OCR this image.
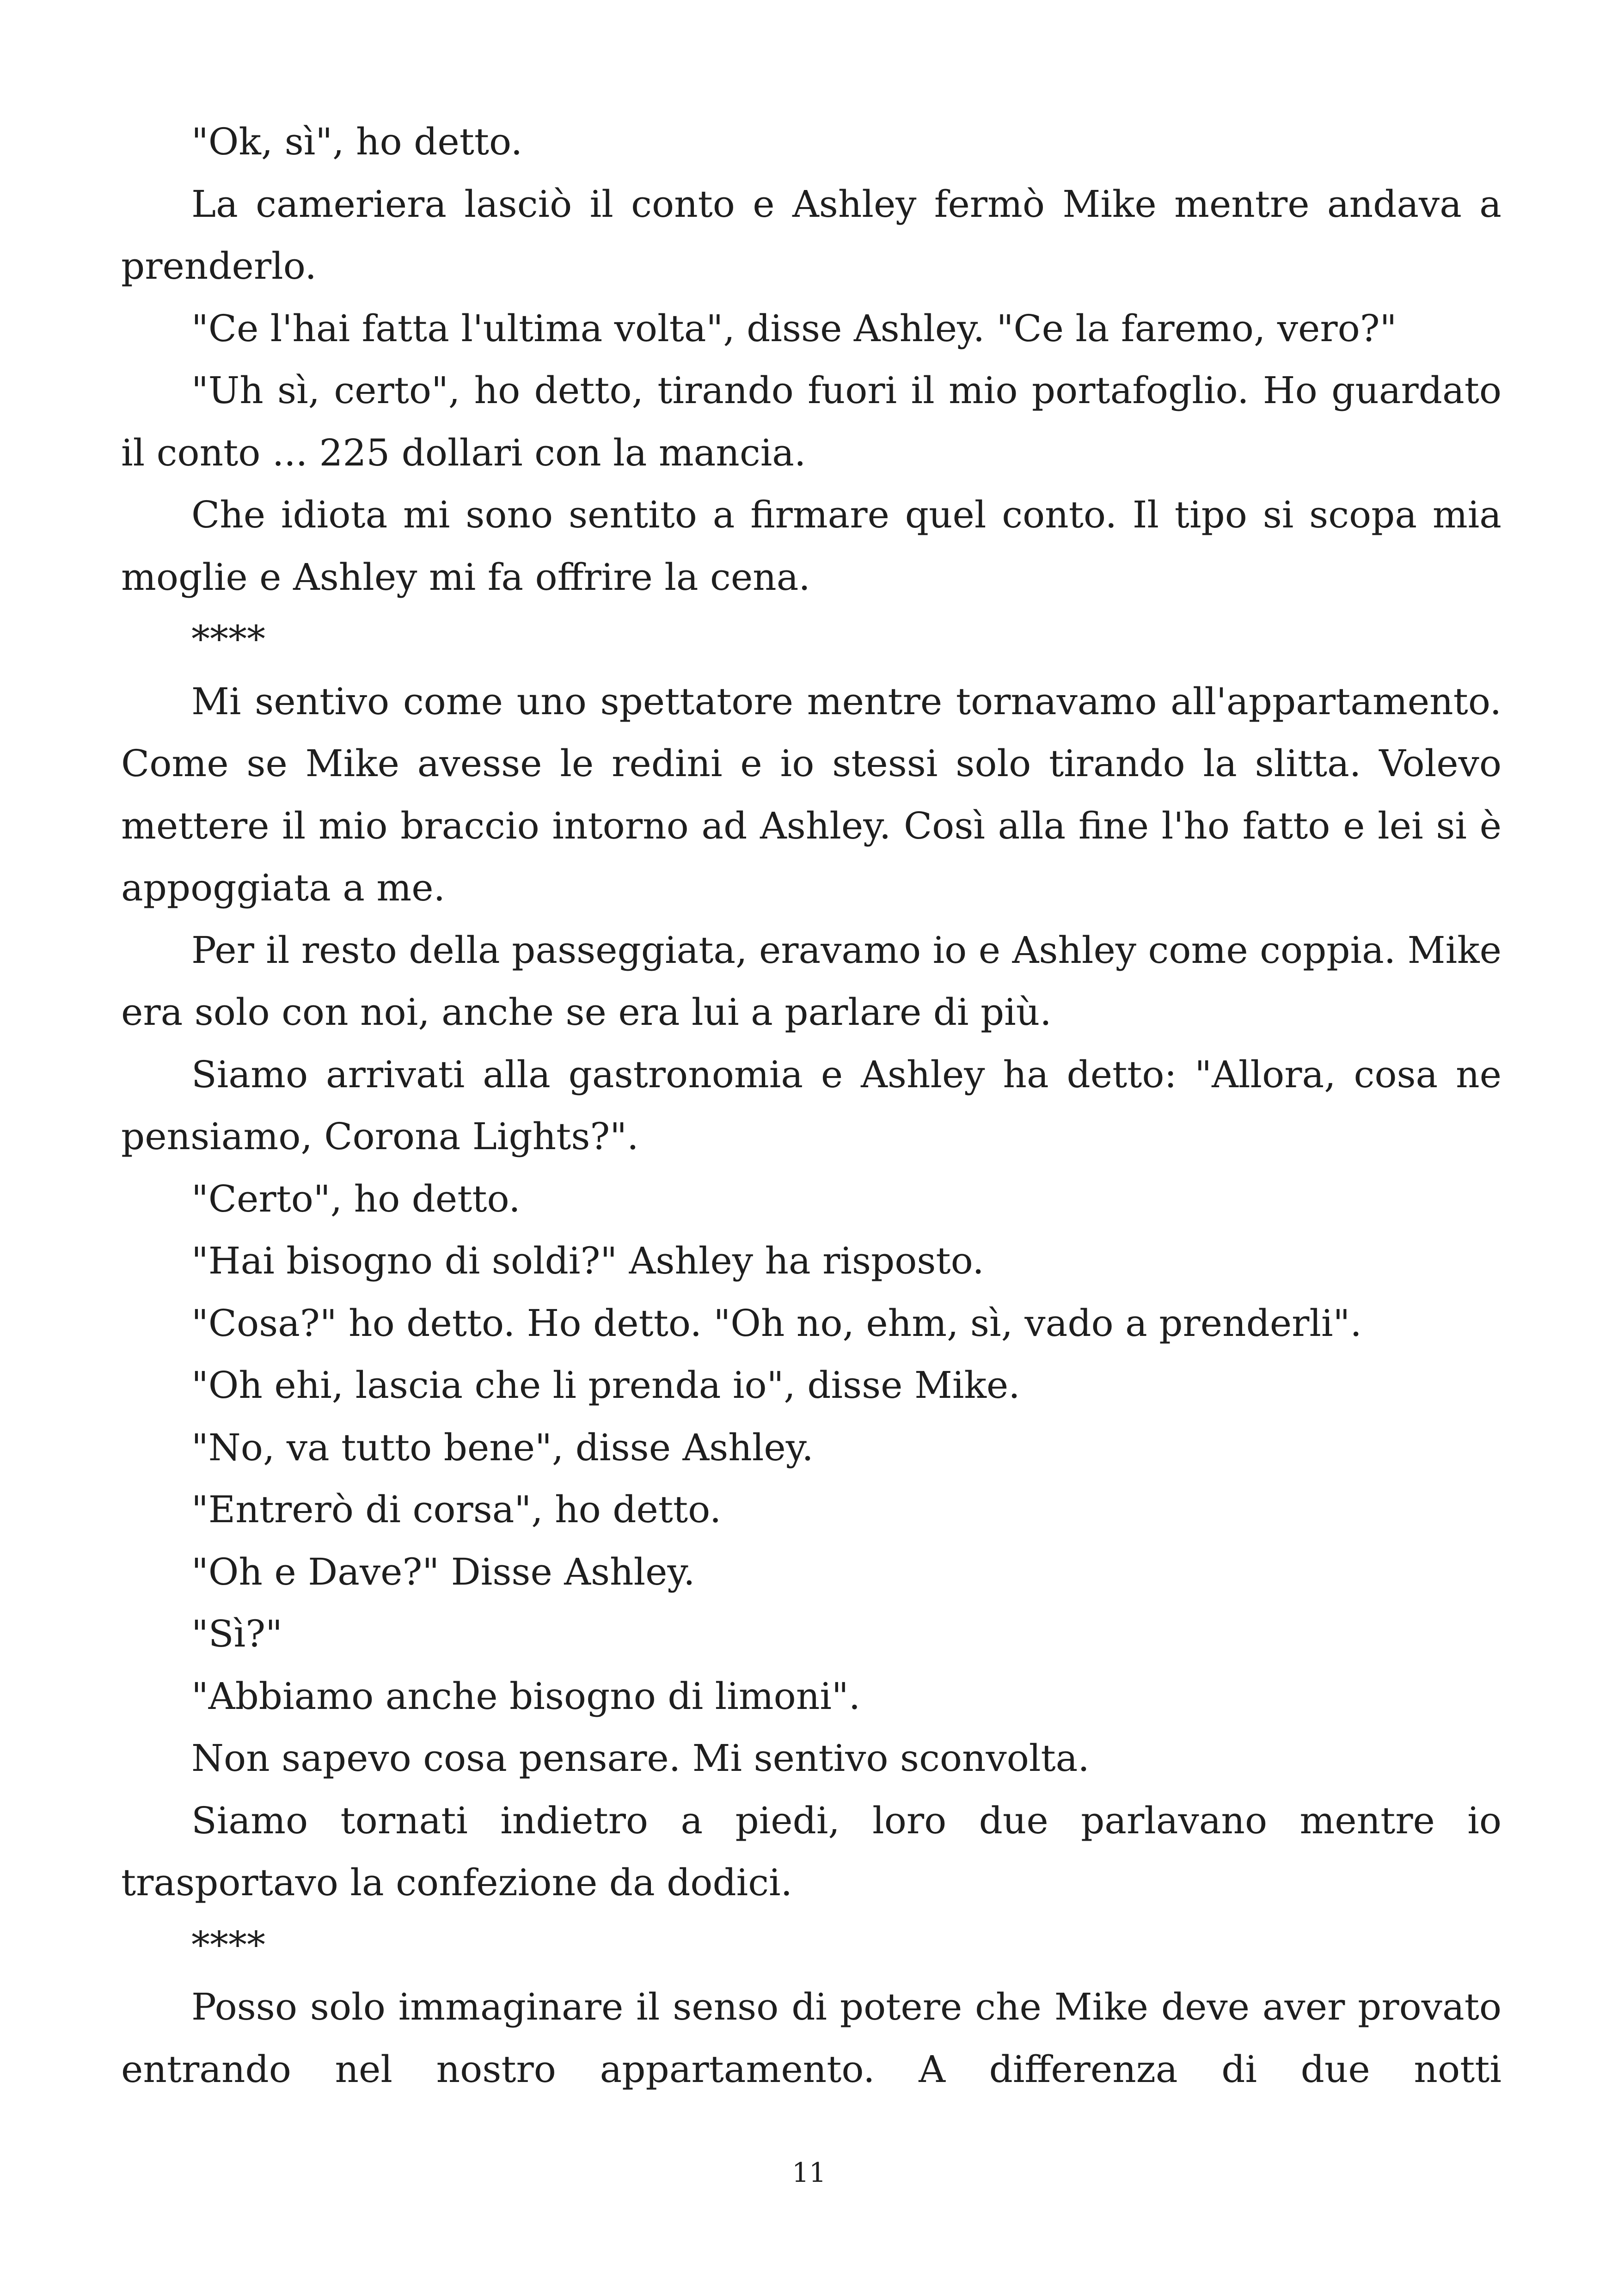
"Ok, sì", ho detto.

La cameriera lasciò il conto e Ashley fermò Mike mentre andava a prenderlo.

"Ce l'hai fatta l'ultima volta", disse Ashley. "Ce la faremo, vero?"

"Uh sì, certo", ho detto, tirando fuori il mio portafoglio. Ho guardato il conto ... 225 dollari con la mancia.

Che idiota mi sono sentito a firmare quel conto. Il tipo si scopa mia moglie e Ashley mi fa offrire la cena.

****

Mi sentivo come uno spettatore mentre tornavamo all'appartamento. Come se Mike avesse le redini e io stessi solo tirando la slitta. Volevo mettere il mio braccio intorno ad Ashley. Così alla fine l'ho fatto e lei si è appoggiata a me.

Per il resto della passeggiata, eravamo io e Ashley come coppia. Mike era solo con noi, anche se era lui a parlare di più.

Siamo arrivati alla gastronomia e Ashley ha detto: "Allora, cosa ne pensiamo, Corona Lights?".

"Certo", ho detto.

"Hai bisogno di soldi?" Ashley ha risposto.

"Cosa?" ho detto. Ho detto. "Oh no, ehm, sì, vado a prenderli".

"Oh ehi, lascia che li prenda io", disse Mike.

"No, va tutto bene", disse Ashley.

"Entrerò di corsa", ho detto.

"Oh e Dave?" Disse Ashley.

"Sì?"

"Abbiamo anche bisogno di limoni".

Non sapevo cosa pensare. Mi sentivo sconvolta.

Siamo tornati indietro a piedi, loro due parlavano mentre io trasportavo la confezione da dodici.

****

Posso solo immaginare il senso di potere che Mike deve aver provato entrando nel nostro appartamento. A differenza di due notti

11
